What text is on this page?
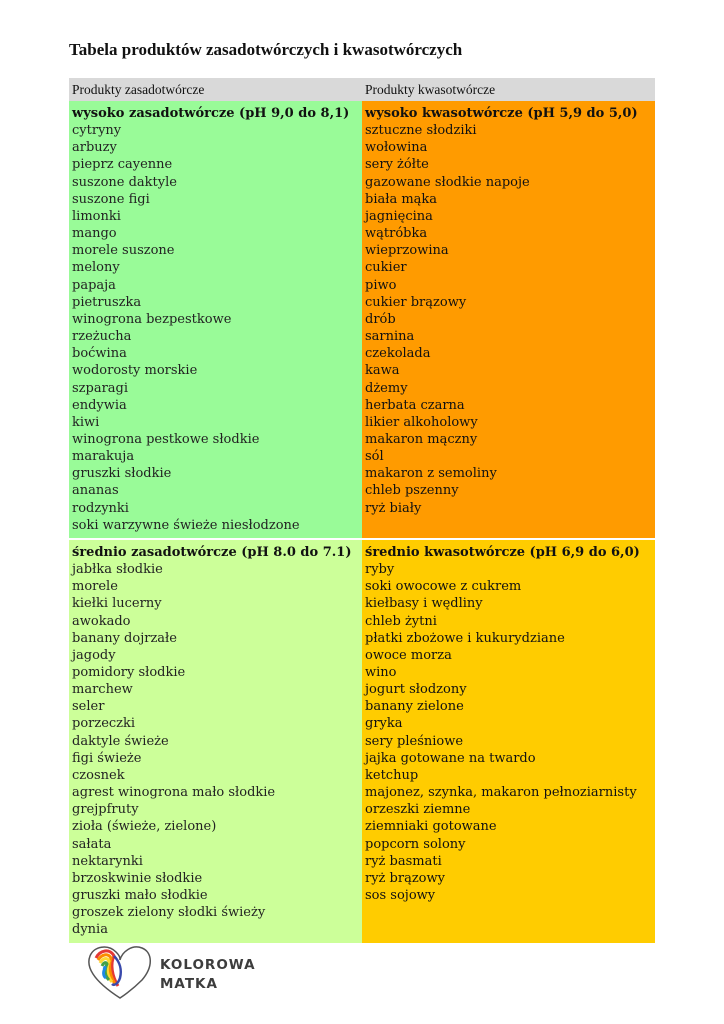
Tabela produktów zasadotwórczych i kwasotwórczych
Produkty zasadotwórcze	Produkty kwasotwórcze
wysoko zasadotwórcze (pH 9,0 do 8,1)
cytryny
arbuzy
pieprz cayenne
suszone daktyle
suszone figi
limonki
mango
morele suszone
melony
papaja
pietruszka
winogrona bezpestkowe
rzeżucha
boćwina
wodorosty morskie
szparagi
endywia
kiwi
winogrona pestkowe słodkie
marakuja
gruszki słodkie
ananas
rodzynki
soki warzywne świeże niesłodzone
wysoko kwasotwórcze (pH 5,9 do 5,0)
sztuczne słodziki
wołowina
sery żółte
gazowane słodkie napoje
biała mąka
jagnięcina
wątróbka
wieprzowina
cukier
piwo
cukier brązowy
drób
sarnina
czekolada
kawa
dżemy
herbata czarna
likier alkoholowy
makaron mączny
sól
makaron z semoliny
chleb pszenny
ryż biały
średnio zasadotwórcze (pH 8.0 do 7.1)
jabłka słodkie
morele
kiełki lucerny
awokado
banany dojrzałe
jagody
pomidory słodkie
marchew
seler
porzeczki
daktyle świeże
figi świeże
czosnek
agrest winogrona mało słodkie
grejpfruty
zioła (świeże, zielone)
sałata
nektarynki
brzoskwinie słodkie
gruszki mało słodkie
groszek zielony słodki świeży
dynia
średnio kwasotwórcze (pH 6,9 do 6,0)
ryby
soki owocowe z cukrem
kiełbasy i wędliny
chleb żytni
płatki zbożowe i kukurydziane
owoce morza
wino
jogurt słodzony
banany zielone
gryka
sery pleśniowe
jajka gotowane na twardo
ketchup
majonez, szynka, makaron pełnoziarnisty
orzeszki ziemne
ziemniaki gotowane
popcorn solony
ryż basmati
ryż brązowy
sos sojowy
KOLOROWA
MATKA
